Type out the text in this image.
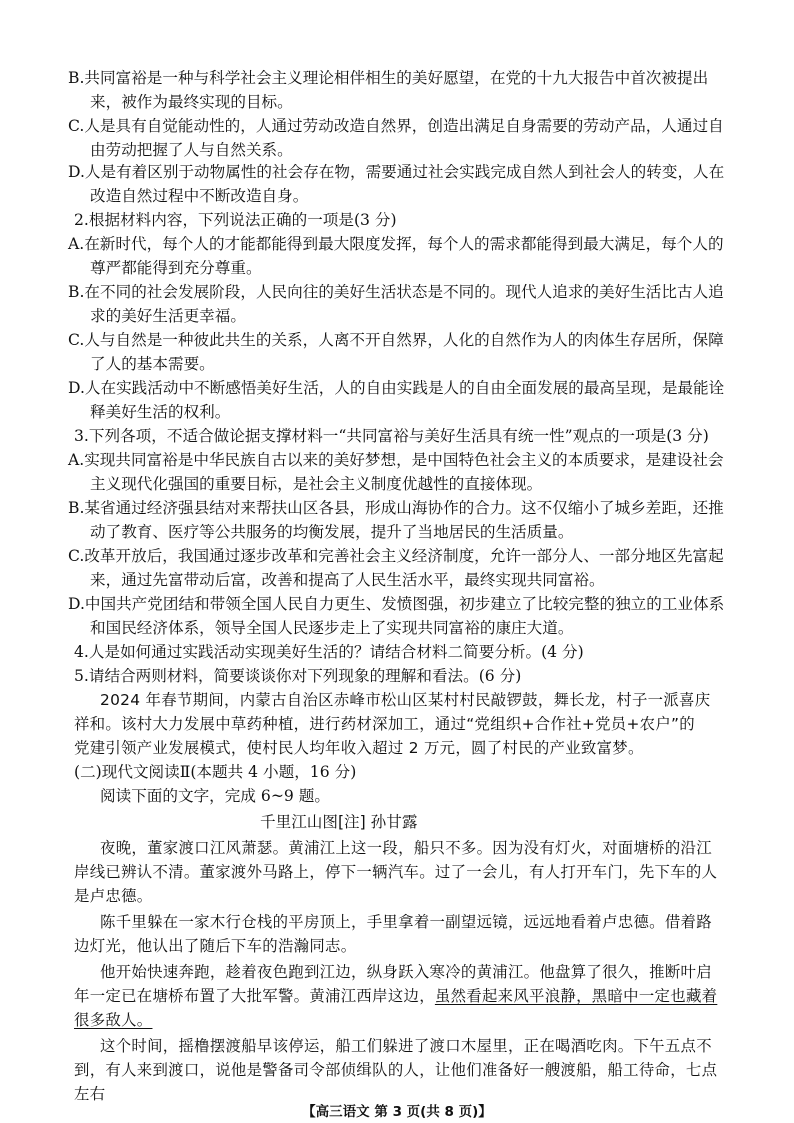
B.共同富裕是一种与科学社会主义理论相伴相生的美好愿望，在党的十九大报告中首次被提出
来，被作为最终实现的目标。
C.人是具有自觉能动性的，人通过劳动改造自然界，创造出满足自身需要的劳动产品，人通过自
由劳动把握了人与自然关系。
D.人是有着区别于动物属性的社会存在物，需要通过社会实践完成自然人到社会人的转变，人在
改造自然过程中不断改造自身。
2.根据材料内容，下列说法正确的一项是(3 分)
A.在新时代，每个人的才能都能得到最大限度发挥，每个人的需求都能得到最大满足，每个人的
尊严都能得到充分尊重。
B.在不同的社会发展阶段，人民向往的美好生活状态是不同的。现代人追求的美好生活比古人追
求的美好生活更幸福。
C.人与自然是一种彼此共生的关系，人离不开自然界，人化的自然作为人的肉体生存居所，保障
了人的基本需要。
D.人在实践活动中不断感悟美好生活，人的自由实践是人的自由全面发展的最高呈现，是最能诠
释美好生活的权利。
3.下列各项，不适合做论据支撑材料一“共同富裕与美好生活具有统一性”观点的一项是(3 分)
A.实现共同富裕是中华民族自古以来的美好梦想，是中国特色社会主义的本质要求，是建设社会
主义现代化强国的重要目标，是社会主义制度优越性的直接体现。
B.某省通过经济强县结对来帮扶山区各县，形成山海协作的合力。这不仅缩小了城乡差距，还推
动了教育、医疗等公共服务的均衡发展，提升了当地居民的生活质量。
C.改革开放后，我国通过逐步改革和完善社会主义经济制度，允许一部分人、一部分地区先富起
来，通过先富带动后富，改善和提高了人民生活水平，最终实现共同富裕。
D.中国共产党团结和带领全国人民自力更生、发愤图强，初步建立了比较完整的独立的工业体系
和国民经济体系，领导全国人民逐步走上了实现共同富裕的康庄大道。
4.人是如何通过实践活动实现美好生活的？请结合材料二简要分析。(4 分)
5.请结合两则材料，简要谈谈你对下列现象的理解和看法。(6 分)
2024 年春节期间，内蒙古自治区赤峰市松山区某村村民敲锣鼓，舞长龙，村子一派喜庆
祥和。该村大力发展中草药种植，进行药材深加工，通过“党组织+合作社+党员+农户”的
党建引领产业发展模式，使村民人均年收入超过 2 万元，圆了村民的产业致富梦。
(二)现代文阅读Ⅱ(本题共 4 小题，16 分)
阅读下面的文字，完成 6~9 题。
千里江山图[注] 孙甘露
夜晚，董家渡口江风萧瑟。黄浦江上这一段，船只不多。因为没有灯火，对面塘桥的沿江
岸线已辨认不清。董家渡外马路上，停下一辆汽车。过了一会儿，有人打开车门，先下车的人
是卢忠德。
陈千里躲在一家木行仓栈的平房顶上，手里拿着一副望远镜，远远地看着卢忠德。借着路
边灯光，他认出了随后下车的浩瀚同志。
他开始快速奔跑，趁着夜色跑到江边，纵身跃入寒冷的黄浦江。他盘算了很久，推断叶启
年一定已在塘桥布置了大批军警。黄浦江西岸这边，虽然看起来风平浪静，黑暗中一定也藏着
很多敌人。
这个时间，摇橹摆渡船早该停运，船工们躲进了渡口木屋里，正在喝酒吃肉。下午五点不
到，有人来到渡口，说他是警备司令部侦缉队的人，让他们准备好一艘渡船，船工待命，七点
左右
【高三语文 第 3 页(共 8 页)】
